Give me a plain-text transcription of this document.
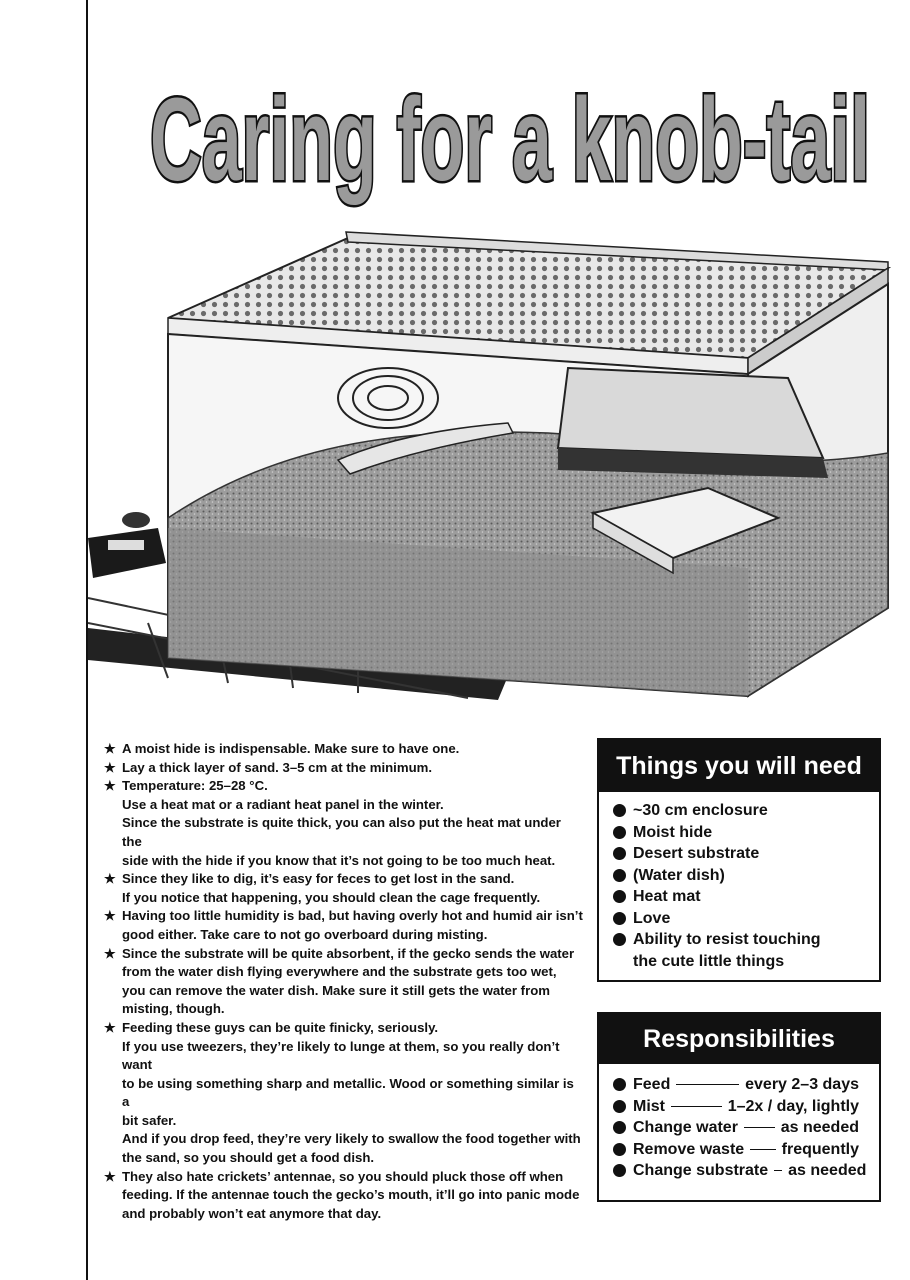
Caring for a knob-tail
★ A moist hide is indispensable. Make sure to have one.
★ Lay a thick layer of sand. 3–5 cm at the minimum.
★ Temperature: 25–28 °C.
Use a heat mat or a radiant heat panel in the winter.
Since the substrate is quite thick, you can also put the heat mat under the
side with the hide if you know that it’s not going to be too much heat.
★ Since they like to dig, it’s easy for feces to get lost in the sand.
If you notice that happening, you should clean the cage frequently.
★ Having too little humidity is bad, but having overly hot and humid air isn’t
good either. Take care to not go overboard during misting.
★ Since the substrate will be quite absorbent, if the gecko sends the water
from the water dish flying everywhere and the substrate gets too wet,
you can remove the water dish. Make sure it still gets the water from
misting, though.
★ Feeding these guys can be quite finicky, seriously.
If you use tweezers, they’re likely to lunge at them, so you really don’t want
to be using something sharp and metallic. Wood or something similar is a
bit safer.
And if you drop feed, they’re very likely to swallow the food together with
the sand, so you should get a food dish.
★ They also hate crickets’ antennae, so you should pluck those off when
feeding. If the antennae touch the gecko’s mouth, it’ll go into panic mode
and probably won’t eat anymore that day.
Things you will need
~30 cm enclosure
Moist hide
Desert substrate
(Water dish)
Heat mat
Love
Ability to resist touching
the cute little things
Responsibilities
Feed	every 2–3 days
Mist	1–2x / day, lightly
Change water	as needed
Remove waste frequently
Change substrate as needed
